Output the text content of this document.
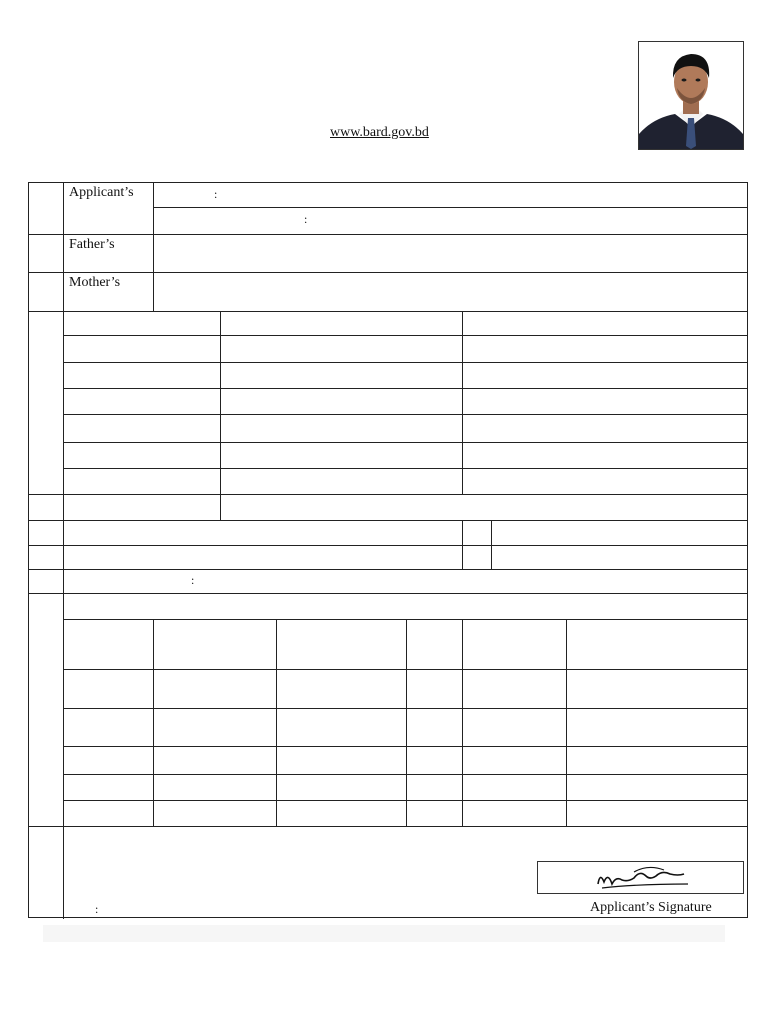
www.bard.gov.bd
Applicant’s	:
:
Father’s
Mother’s
:
:	Applicant’s Signature
